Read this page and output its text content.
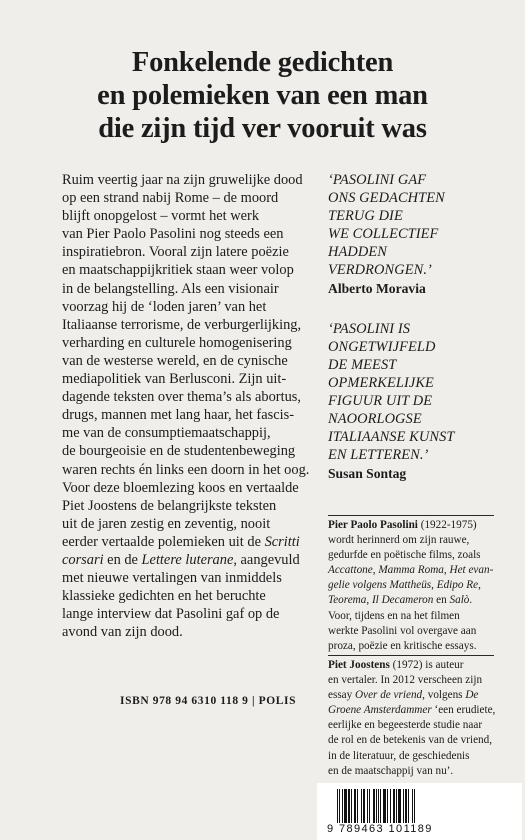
Fonkelende gedichten
en polemieken van een man
die zijn tijd ver vooruit was

Ruim veertig jaar na zijn gruwelijke dood
op een strand nabij Rome – de moord
blijft onopgelost – vormt het werk
van Pier Paolo Pasolini nog steeds een
inspiratiebron. Vooral zijn latere poëzie
en maatschappijkritiek staan weer volop
in de belangstelling. Als een visionair
voorzag hij de ‘loden jaren’ van het
Italiaanse terrorisme, de verburgerlijking,
verharding en culturele homogenisering
van de westerse wereld, en de cynische
mediapolitiek van Berlusconi. Zijn uit-
dagende teksten over thema’s als abortus,
drugs, mannen met lang haar, het fascis-
me van de consumptiemaatschappij,
de bourgeoisie en de studentenbeweging
waren rechts én links een doorn in het oog.

Voor deze bloemlezing koos en vertaalde
Piet Joostens de belangrijkste teksten
uit de jaren zestig en zeventig, nooit
eerder vertaalde polemieken uit de Scritti
corsari en de Lettere luterane, aangevuld
met nieuwe vertalingen van inmiddels
klassieke gedichten en het beruchte
lange interview dat Pasolini gaf op de
avond van zijn dood.

‘PASOLINI GAF
ONS GEDACHTEN
TERUG DIE
WE COLLECTIEF
HADDEN
VERDRONGEN.’
Alberto Moravia
‘PASOLINI IS
ONGETWIJFELD
DE MEEST
OPMERKELIJKE
FIGUUR UIT DE
NAOORLOGSE
ITALIAANSE KUNST
EN LETTEREN.’
Susan Sontag
Pier Paolo Pasolini (1922-1975)
wordt herinnerd om zijn rauwe,
gedurfde en poëtische films, zoals
Accattone, Mamma Roma, Het evan-
gelie volgens Mattheüs, Edipo Re,
Teorema, Il Decameron en Salò.
Voor, tijdens en na het filmen
werkte Pasolini vol overgave aan
proza, poëzie en kritische essays.
Piet Joostens (1972) is auteur
en vertaler. In 2012 verscheen zijn
essay Over de vriend, volgens De
Groene Amsterdammer ‘een erudiete,
eerlijke en begeesterde studie naar
de rol en de betekenis van de vriend,
in de literatuur, de geschiedenis
en de maatschappij van nu’.
ISBN 978 94 6310 118 9 | POLIS
9 789463 101189
